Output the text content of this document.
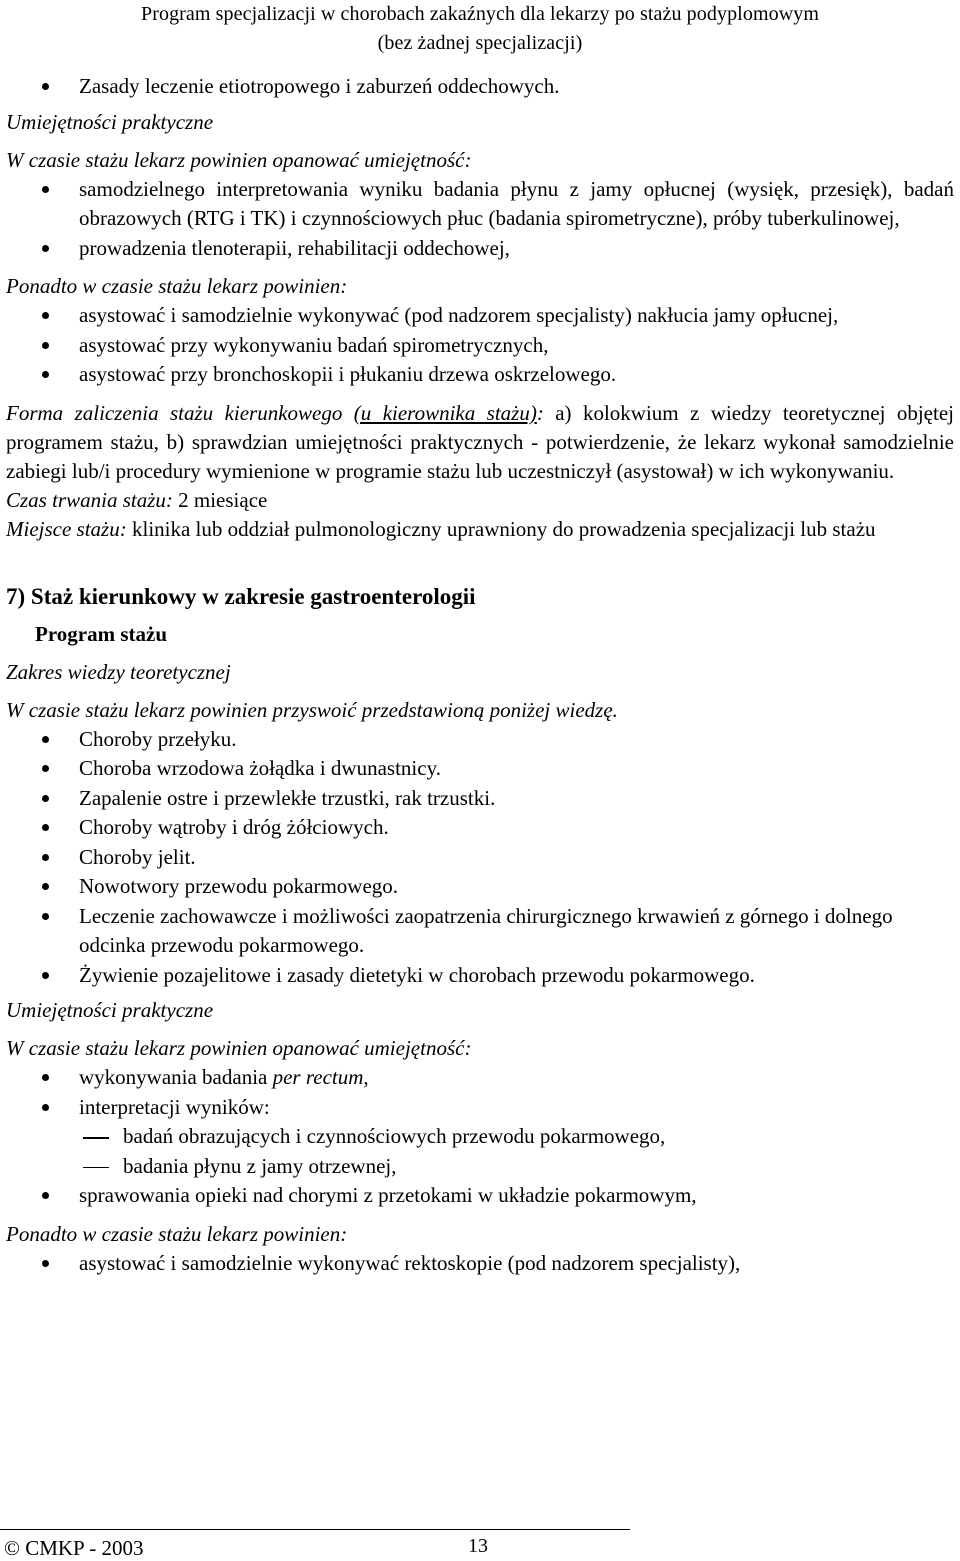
Program specjalizacji w chorobach zakaźnych dla lekarzy po stażu podyplomowym
(bez żadnej specjalizacji)
Zasady leczenie etiotropowego i zaburzeń oddechowych.

Umiejętności praktyczne

W czasie stażu lekarz powinien opanować umiejętność:

samodzielnego interpretowania wyniku badania płynu z jamy opłucnej (wysięk, przesięk), badań obrazowych (RTG i TK) i czynnościowych płuc (badania spirometryczne), próby tuberkulinowej,
prowadzenia tlenoterapii, rehabilitacji oddechowej,

Ponadto w czasie stażu lekarz powinien:

asystować i samodzielnie wykonywać (pod nadzorem specjalisty) nakłucia jamy opłucnej,
asystować przy wykonywaniu badań spirometrycznych,
asystować przy bronchoskopii i płukaniu drzewa oskrzelowego.

Forma zaliczenia stażu kierunkowego (u kierownika stażu): a) kolokwium z wiedzy teoretycznej objętej programem stażu, b) sprawdzian umiejętności praktycznych - potwierdzenie, że lekarz wykonał samodzielnie zabiegi lub/i procedury wymienione w programie stażu lub uczestniczył (asystował) w ich wykonywaniu.

Czas trwania stażu: 2 miesiące

Miejsce stażu: klinika lub oddział pulmonologiczny uprawniony do prowadzenia specjalizacji lub stażu

7) Staż kierunkowy w zakresie gastroenterologii

Program stażu

Zakres wiedzy teoretycznej

W czasie stażu lekarz powinien przyswoić przedstawioną poniżej wiedzę.

Choroby przełyku.
Choroba wrzodowa żołądka i dwunastnicy.
Zapalenie ostre i przewlekłe trzustki, rak trzustki.
Choroby wątroby i dróg żółciowych.
Choroby jelit.
Nowotwory przewodu pokarmowego.
Leczenie zachowawcze i możliwości zaopatrzenia chirurgicznego krwawień z górnego i dolnego odcinka przewodu pokarmowego.
Żywienie pozajelitowe i zasady dietetyki w chorobach przewodu pokarmowego.

Umiejętności praktyczne

W czasie stażu lekarz powinien opanować umiejętność:

wykonywania badania per rectum,
interpretacji wyników:
badań obrazujących i czynnościowych przewodu pokarmowego,
badania płynu z jamy otrzewnej,
sprawowania opieki nad chorymi z przetokami w układzie pokarmowym,

Ponadto w czasie stażu lekarz powinien:

asystować i samodzielnie wykonywać rektoskopie (pod nadzorem specjalisty),
© CMKP - 2003	13
